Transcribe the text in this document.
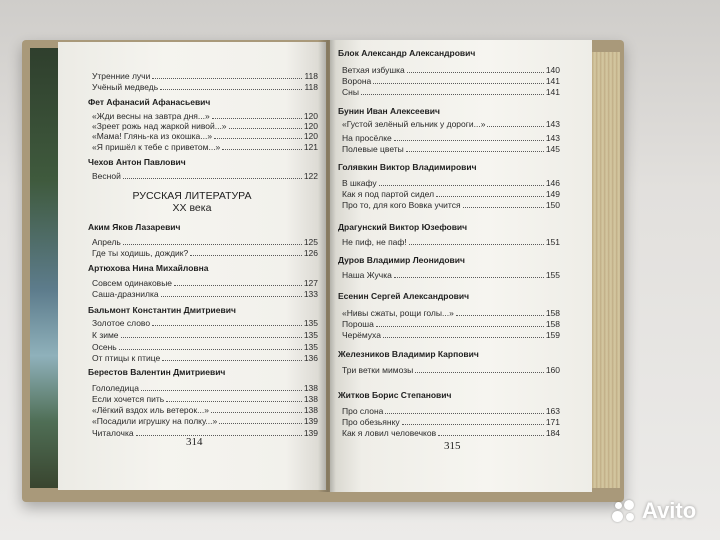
Утренние лучи	118
Учёный медведь	118
Фет Афанасий Афанасьевич
«Жди весны на завтра дня...»	120
«Зреет рожь над жаркой нивой...»	120
«Мама! Глянь-ка из окошка...»	120
«Я пришёл к тебе с приветом...»	121
Чехов Антон Павлович
Весной	122
Аким Яков Лазаревич
Апрель	125
Где ты ходишь, дождик?	126
Артюхова Нина Михайловна
Совсем одинаковые	127
Саша-дразнилка	133
Бальмонт Константин Дмитриевич
Золотое слово	135
К зиме	135
Осень	135
От птицы к птице	136
Берестов Валентин Дмитриевич
Гололедица	138
Если хочется пить	138
«Лёгкий вздох иль ветерок...»	138
«Посадили игрушку на полку...»	139
Читалочка	139
Блок Александр Александрович
Ветхая избушка	140
Ворона	141
Сны	141
Бунин Иван Алексеевич
«Густой зелёный ельник у дороги...»	143
На просёлке	143
Полевые цветы	145
Голявкин Виктор Владимирович
В шкафу	146
Как я под партой сидел	149
Про то, для кого Вовка учится	150
Драгунский Виктор Юзефович
Не пиф, не паф!	151
Дуров Владимир Леонидович
Наша Жучка	155
Есенин Сергей Александрович
«Нивы сжаты, рощи голы...»	158
Пороша	158
Черёмуха	159
Железников Владимир Карпович
Три ветки мимозы	160
Житков Борис Степанович
Про слона	163
Про обезьянку	171
Как я ловил человечков	184
РУССКАЯ ЛИТЕРАТУРА
XX века
314	315
Avito
